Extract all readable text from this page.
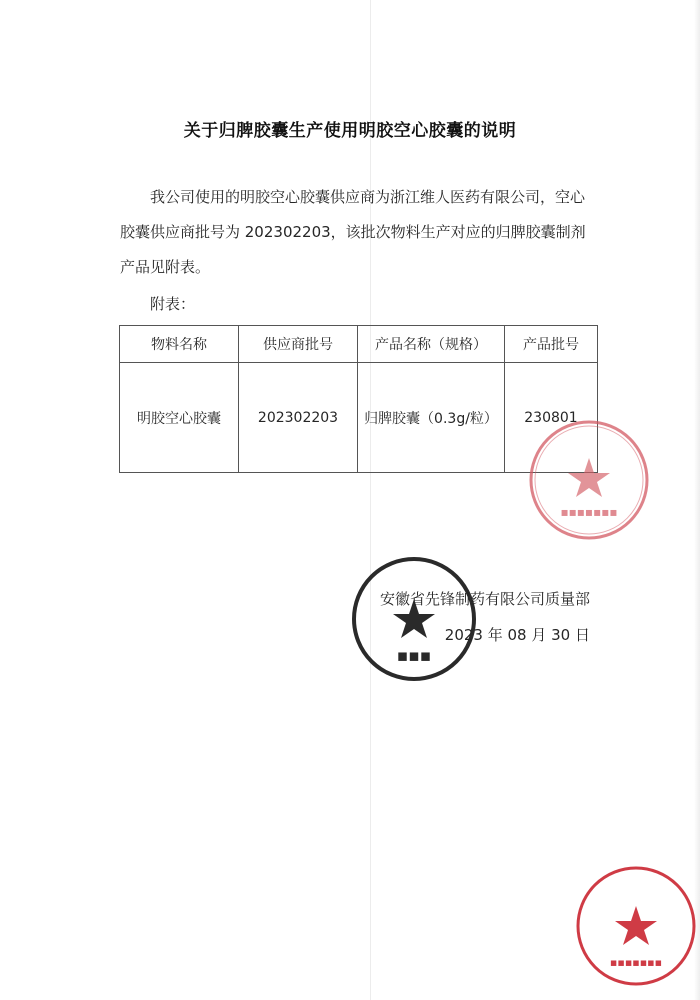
关于归脾胶囊生产使用明胶空心胶囊的说明

我公司使用的明胶空心胶囊供应商为浙江维人医药有限公司，空心胶囊供应商批号为 202302203，该批次物料生产对应的归脾胶囊制剂产品见附表。

附表：
物料名称	供应商批号	产品名称（规格）	产品批号
明胶空心胶囊	202302203	归脾胶囊（0.3g/粒）	230801
▪▪▪▪▪▪▪
▪▪▪
安徽省先锋制药有限公司质量部
2023 年 08 月 30 日
▪▪▪▪▪▪▪
